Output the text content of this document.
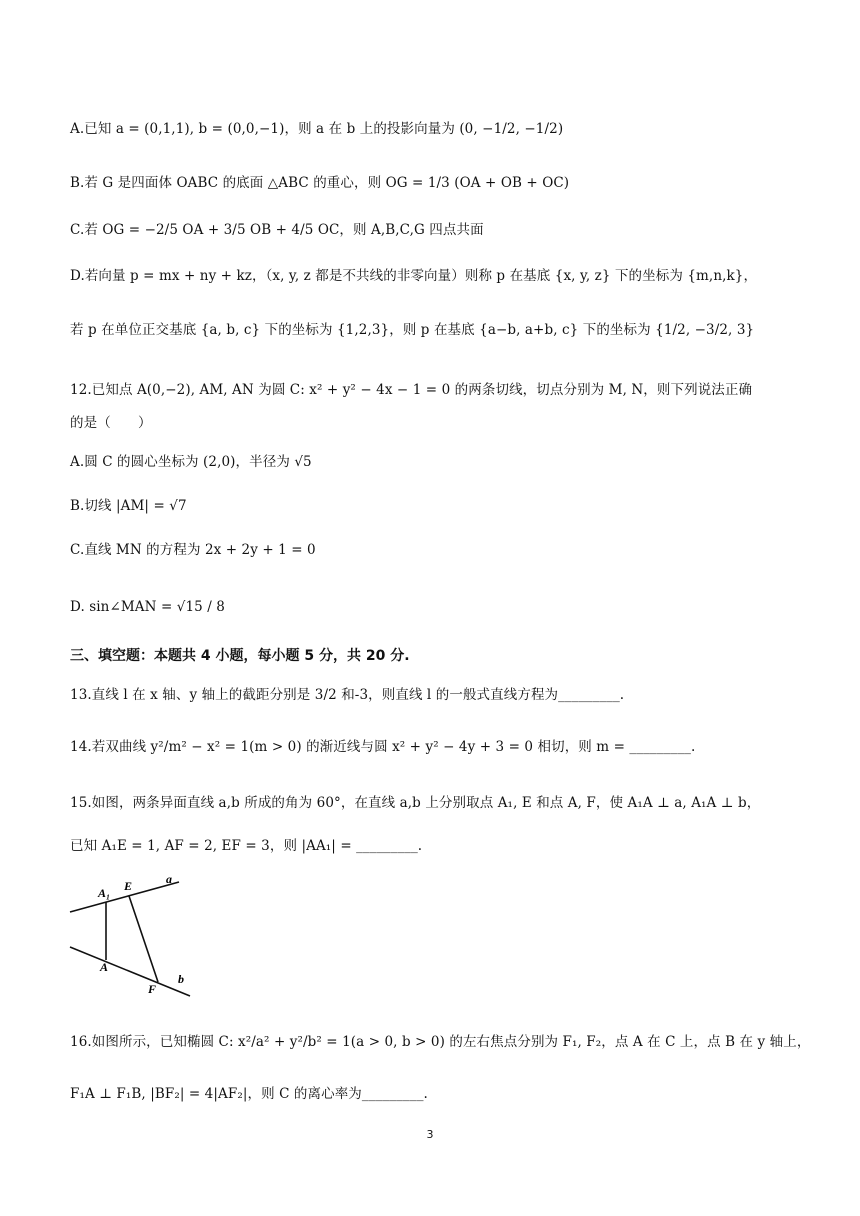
A.已知 a = (0,1,1), b = (0,0,−1)，则 a 在 b 上的投影向量为 (0, −1/2, −1/2)
B.若 G 是四面体 OABC 的底面 △ABC 的重心，则 OG = 1/3 (OA + OB + OC)
C.若 OG = −2/5 OA + 3/5 OB + 4/5 OC，则 A,B,C,G 四点共面
D.若向量 p = mx + ny + kz，（x, y, z 都是不共线的非零向量）则称 p 在基底 {x, y, z} 下的坐标为 {m,n,k}，
若 p 在单位正交基底 {a, b, c} 下的坐标为 {1,2,3}，则 p 在基底 {a−b, a+b, c} 下的坐标为 {1/2, −3/2, 3}
12.已知点 A(0,−2), AM, AN 为圆 C: x² + y² − 4x − 1 = 0 的两条切线，切点分别为 M, N，则下列说法正确
的是（　　）
A.圆 C 的圆心坐标为 (2,0)，半径为 √5
B.切线 |AM| = √7
C.直线 MN 的方程为 2x + 2y + 1 = 0
D. sin∠MAN = √15 / 8
三、填空题：本题共 4 小题，每小题 5 分，共 20 分.
13.直线 l 在 x 轴、y 轴上的截距分别是 3/2 和-3，则直线 l 的一般式直线方程为_________.
14.若双曲线 y²/m² − x² = 1(m > 0) 的渐近线与圆 x² + y² − 4y + 3 = 0 相切，则 m = _________.
15.如图，两条异面直线 a,b 所成的角为 60°，在直线 a,b 上分别取点 A₁, E 和点 A, F，使 A₁A ⊥ a, A₁A ⊥ b，
已知 A₁E = 1, AF = 2, EF = 3，则 |AA₁| = _________.
A₁ E	a
A
F
b
16.如图所示，已知椭圆 C: x²/a² + y²/b² = 1(a > 0, b > 0) 的左右焦点分别为 F₁, F₂，点 A 在 C 上，点 B 在 y 轴上，
F₁A ⊥ F₁B, |BF₂| = 4|AF₂|，则 C 的离心率为_________.
3
